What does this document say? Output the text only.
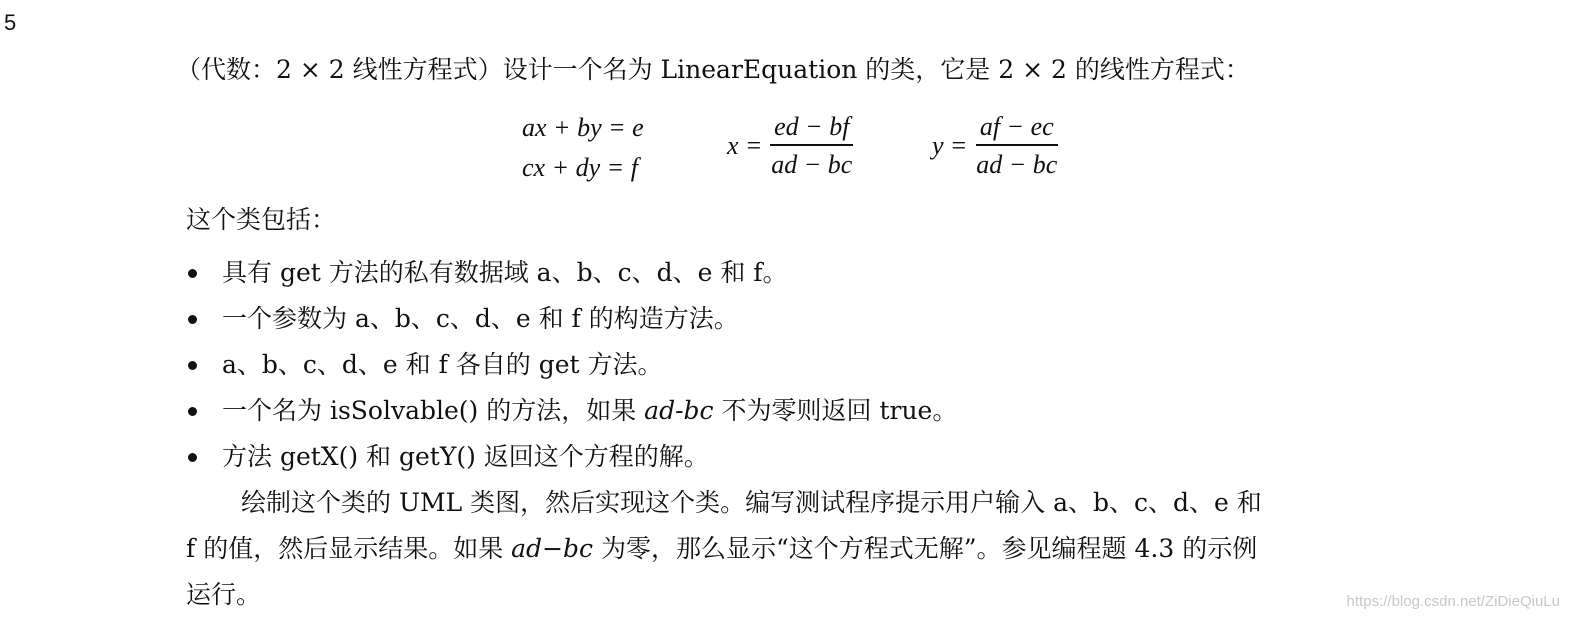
5
（代数：2 × 2 线性方程式）设计一个名为 LinearEquation 的类，它是 2 × 2 的线性方程式：
ax + by = e
cx + dy = f
$x = \frac{ed - bf}{ad - bc}$	$y = \frac{af - ec}{ad - bc}$
这个类包括：
具有 get 方法的私有数据域 a、b、c、d、e 和 f。
一个参数为 a、b、c、d、e 和 f 的构造方法。
a、b、c、d、e 和 f 各自的 get 方法。
一个名为 isSolvable() 的方法，如果 ad-bc 不为零则返回 true。
方法 getX() 和 getY() 返回这个方程的解。
绘制这个类的 UML 类图，然后实现这个类。编写测试程序提示用户输入 a、b、c、d、e 和
f 的值，然后显示结果。如果 ad−bc 为零，那么显示“这个方程式无解”。参见编程题 4.3 的示例
运行。	https://blog.csdn.net/ZiDieQiuLu
